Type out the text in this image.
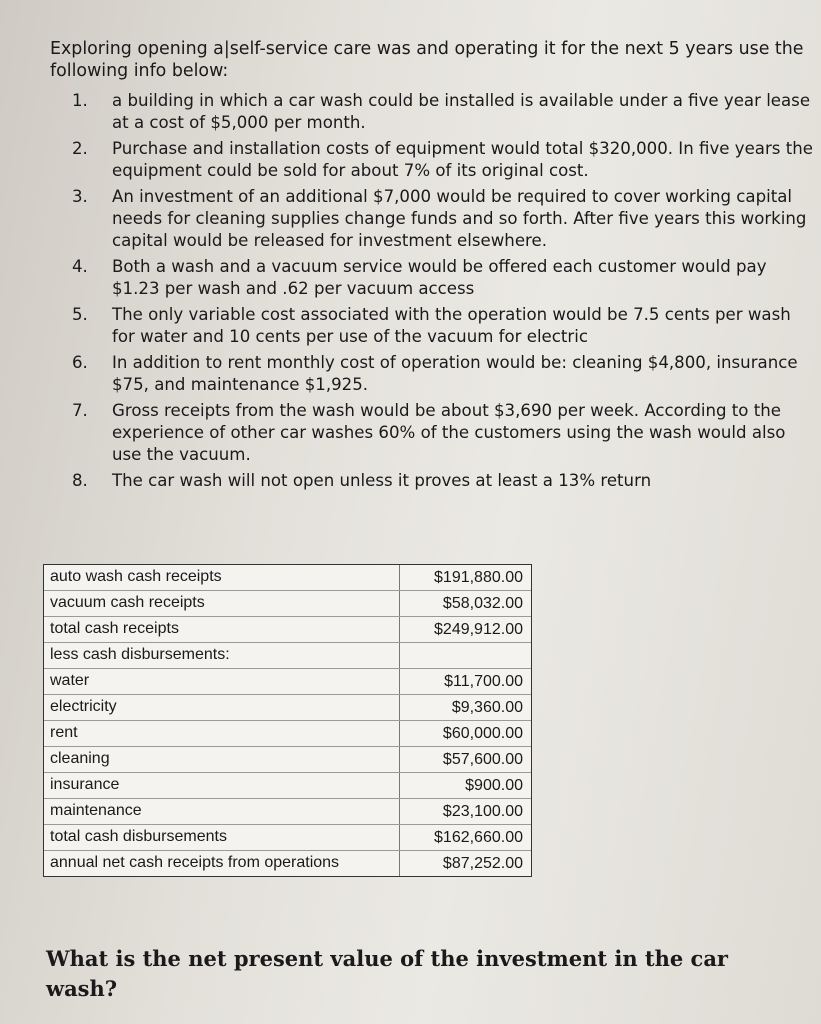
Exploring opening a|self-service care was and operating it for the next 5 years use the following info below:
1.	a building in which a car wash could be installed is available under a five year lease at a cost of $5,000 per month.
2.	Purchase and installation costs of equipment would total $320,000. In five years the equipment could be sold for about 7% of its original cost.
3.	An investment of an additional $7,000 would be required to cover working capital needs for cleaning supplies change funds and so forth. After five years this working capital would be released for investment elsewhere.
4.	Both a wash and a vacuum service would be offered each customer would pay $1.23 per wash and .62 per vacuum access
5.	The only variable cost associated with the operation would be 7.5 cents per wash for water and 10 cents per use of the vacuum for electric
6.	In addition to rent monthly cost of operation would be: cleaning $4,800, insurance $75, and maintenance $1,925.
7.	Gross receipts from the wash would be about $3,690 per week. According to the experience of other car washes 60% of the customers using the wash would also use the vacuum.
8.	The car wash will not open unless it proves at least a 13% return
auto wash cash receipts	$191,880.00
vacuum cash receipts	$58,032.00
total cash receipts	$249,912.00
less cash disbursements:
water	$11,700.00
electricity	$9,360.00
rent	$60,000.00
cleaning	$57,600.00
insurance	$900.00
maintenance	$23,100.00
total cash disbursements	$162,660.00
annual net cash receipts from operations	$87,252.00
What is the net present value of the investment in the car wash?
